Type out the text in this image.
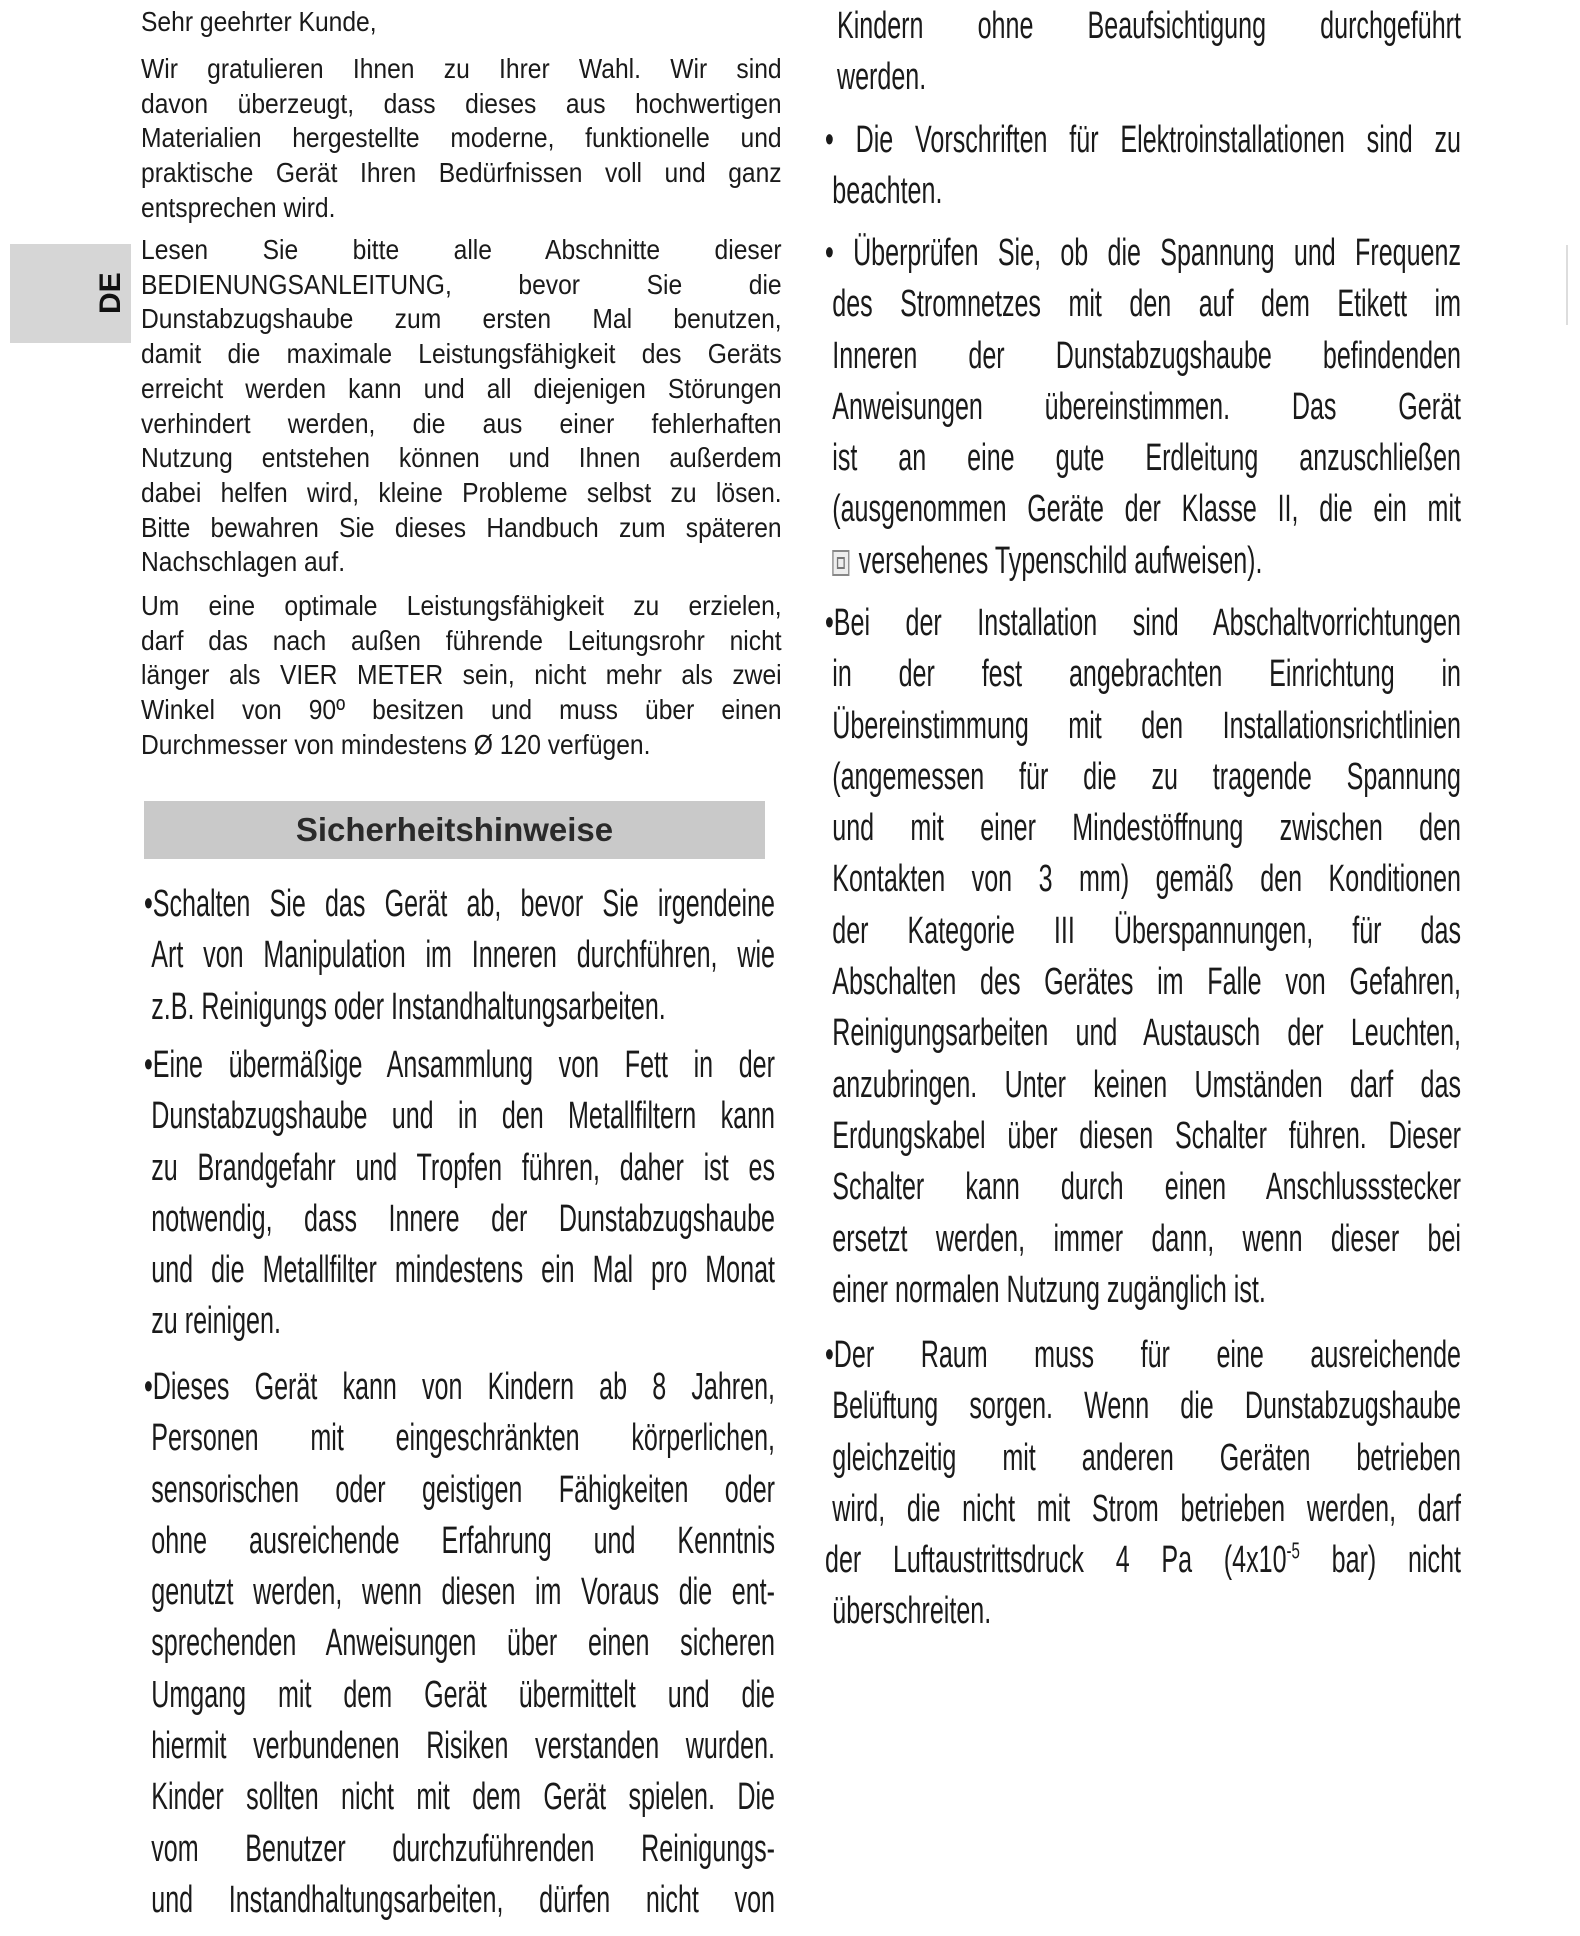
DE
Sicherheitshinweise
Sehr geehrter Kunde,
Wir gratulieren Ihnen zu Ihrer Wahl. Wir sind
davon überzeugt, dass dieses aus hochwertigen
Materialien hergestellte moderne, funktionelle und
praktische Gerät Ihren Bedürfnissen voll und ganz
entsprechen wird.
Lesen Sie bitte alle Abschnitte dieser
BEDIENUNGSANLEITUNG, bevor Sie die
Dunstabzugshaube zum ersten Mal benutzen,
damit die maximale Leistungsfähigkeit des Geräts
erreicht werden kann und all diejenigen Störungen
verhindert werden, die aus einer fehlerhaften
Nutzung entstehen können und Ihnen außerdem
dabei helfen wird, kleine Probleme selbst zu lösen.
Bitte bewahren Sie dieses Handbuch zum späteren
Nachschlagen auf.
Um eine optimale Leistungsfähigkeit zu erzielen,
darf das nach außen führende Leitungsrohr nicht
länger als VIER METER sein, nicht mehr als zwei
Winkel von 90º besitzen und muss über einen
Durchmesser von mindestens Ø 120 verfügen.
•Schalten Sie das Gerät ab, bevor Sie irgendeine
Art von Manipulation im Inneren durchführen, wie
z.B. Reinigungs oder Instandhaltungsarbeiten.
•Eine übermäßige Ansammlung von Fett in der
Dunstabzugshaube und in den Metallfiltern kann
zu Brandgefahr und Tropfen führen, daher ist es
notwendig, dass Innere der Dunstabzugshaube
und die Metallfilter mindestens ein Mal pro Monat
zu reinigen.
•Dieses Gerät kann von Kindern ab 8 Jahren,
Personen mit eingeschränkten körperlichen,
sensorischen oder geistigen Fähigkeiten oder
ohne ausreichende Erfahrung und Kenntnis
genutzt werden, wenn diesen im Voraus die ent-
sprechenden Anweisungen über einen sicheren
Umgang mit dem Gerät übermittelt und die
hiermit verbundenen Risiken verstanden wurden.
Kinder sollten nicht mit dem Gerät spielen. Die
vom Benutzer durchzuführenden Reinigungs-
und Instandhaltungsarbeiten, dürfen nicht von
Kindern ohne Beaufsichtigung durchgeführt
werden.
• Die Vorschriften für Elektroinstallationen sind zu
beachten.
• Überprüfen Sie, ob die Spannung und Frequenz
des Stromnetzes mit den auf dem Etikett im
Inneren der Dunstabzugshaube befindenden
Anweisungen übereinstimmen. Das Gerät
ist an eine gute Erdleitung anzuschließen
(ausgenommen Geräte der Klasse II, die ein mit
versehenes Typenschild aufweisen).
•Bei der Installation sind Abschaltvorrichtungen
in der fest angebrachten Einrichtung in
Übereinstimmung mit den Installationsrichtlinien
(angemessen für die zu tragende Spannung
und mit einer Mindestöffnung zwischen den
Kontakten von 3 mm) gemäß den Konditionen
der Kategorie III Überspannungen, für das
Abschalten des Gerätes im Falle von Gefahren,
Reinigungsarbeiten und Austausch der Leuchten,
anzubringen. Unter keinen Umständen darf das
Erdungskabel über diesen Schalter führen. Dieser
Schalter kann durch einen Anschlussstecker
ersetzt werden, immer dann, wenn dieser bei
einer normalen Nutzung zugänglich ist.
•Der Raum muss für eine ausreichende
Belüftung sorgen. Wenn die Dunstabzugshaube
gleichzeitig mit anderen Geräten betrieben
wird, die nicht mit Strom betrieben werden, darf
der Luftaustrittsdruck 4 Pa ($4x10^{-5}$ bar) nicht
überschreiten.
